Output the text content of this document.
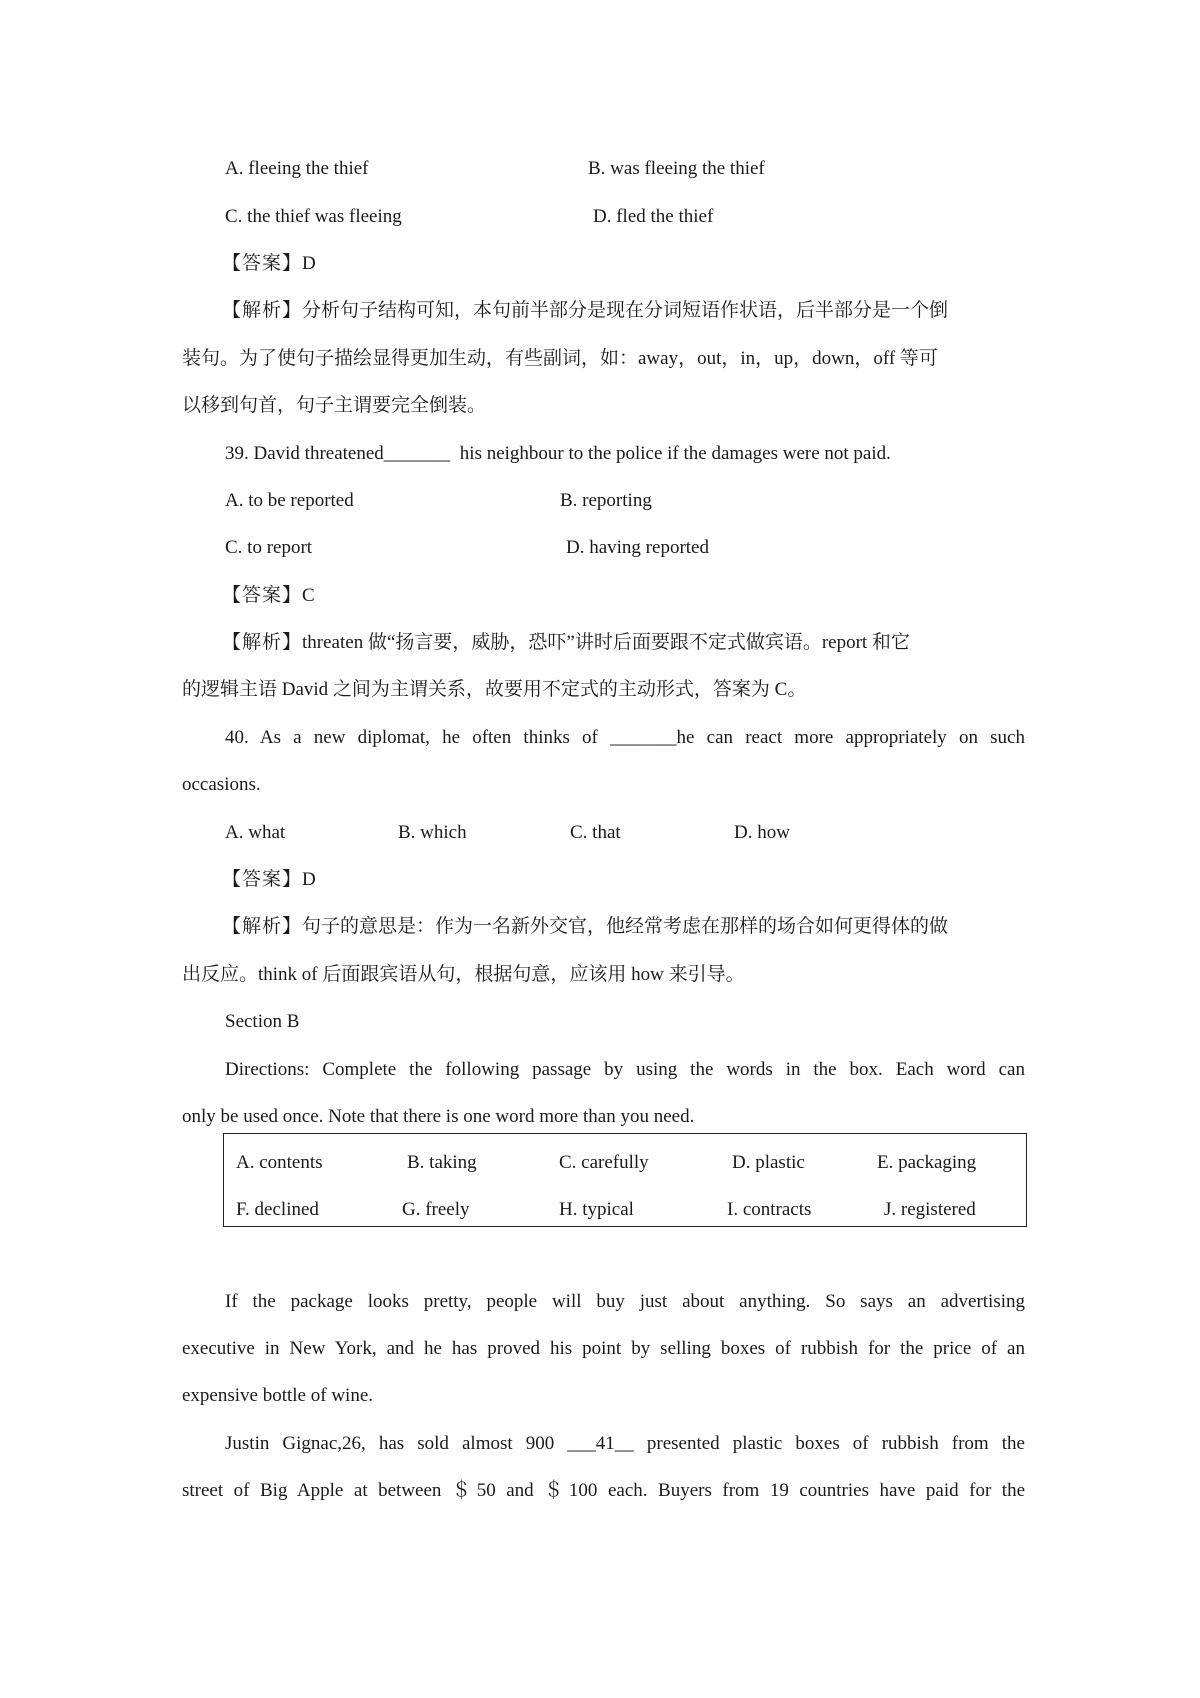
A. fleeing the thief	B. was fleeing the thief
C. the thief was fleeing	D. fled the thief
【答案】D
【解析】分析句子结构可知，本句前半部分是现在分词短语作状语，后半部分是一个倒
装句。为了使句子描绘显得更加生动，有些副词，如：away，out，in，up，down，off 等可
以移到句首，句子主谓要完全倒装。
39. David threatened_______  his neighbour to the police if the damages were not paid.
A. to be reported	B. reporting
C. to report	D. having reported
【答案】C
【解析】threaten 做“扬言要，威胁，恐吓”讲时后面要跟不定式做宾语。report 和它
的逻辑主语 David 之间为主谓关系，故要用不定式的主动形式，答案为 C。
40. As a new diplomat, he often thinks of _______he can react more appropriately on such
occasions.
A. what	B. which	C. that	D. how
【答案】D
【解析】句子的意思是：作为一名新外交官，他经常考虑在那样的场合如何更得体的做
出反应。think of 后面跟宾语从句，根据句意，应该用 how 来引导。
Section B
Directions: Complete the following passage by using the words in the box. Each word can
only be used once. Note that there is one word more than you need.
A. contents	B. taking	C. carefully	D. plastic	E. packaging
F. declined	G. freely	H. typical	I. contracts	J. registered
If the package looks pretty, people will buy just about anything. So says an advertising
executive in New York, and he has proved his point by selling boxes of rubbish for the price of an
expensive bottle of wine.
Justin Gignac,26, has sold almost 900 ___41__ presented plastic boxes of rubbish from the
street of Big Apple at between ＄50 and ＄100 each. Buyers from 19 countries have paid for the
